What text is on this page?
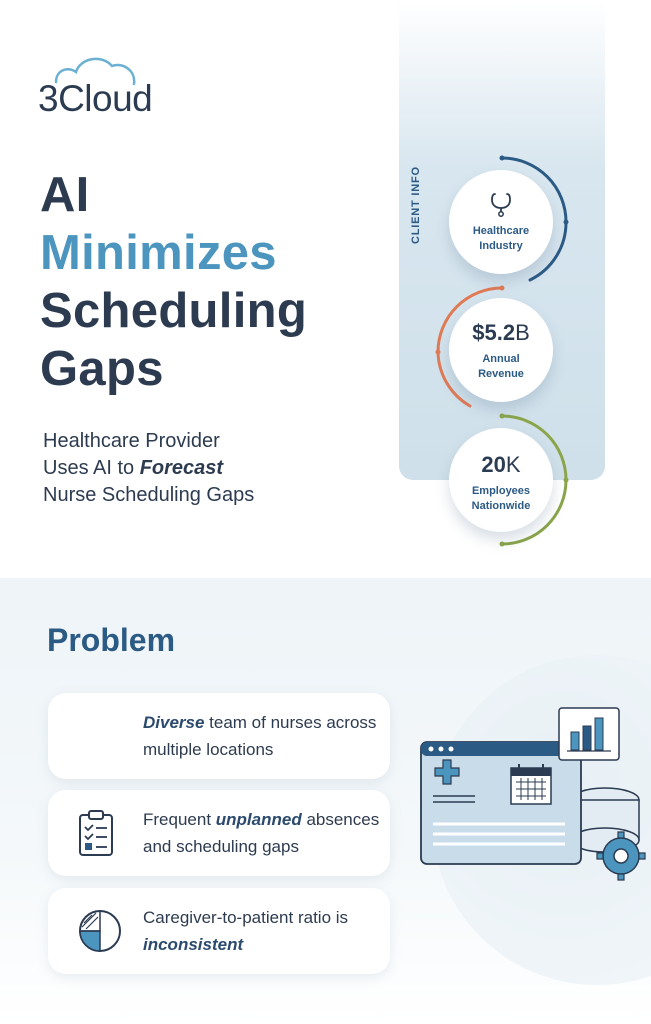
3Cloud
AI
Minimizes
Scheduling
Gaps
Healthcare Provider
Uses AI to Forecast
Nurse Scheduling Gaps
CLIENT INFO	Healthcare
Industry
$5.2B
Annual
Revenue
20K
Employees
Nationwide
Problem
Diverse team of nurses across multiple locations
Frequent unplanned absences and scheduling gaps
Caregiver-to-patient ratio is inconsistent
